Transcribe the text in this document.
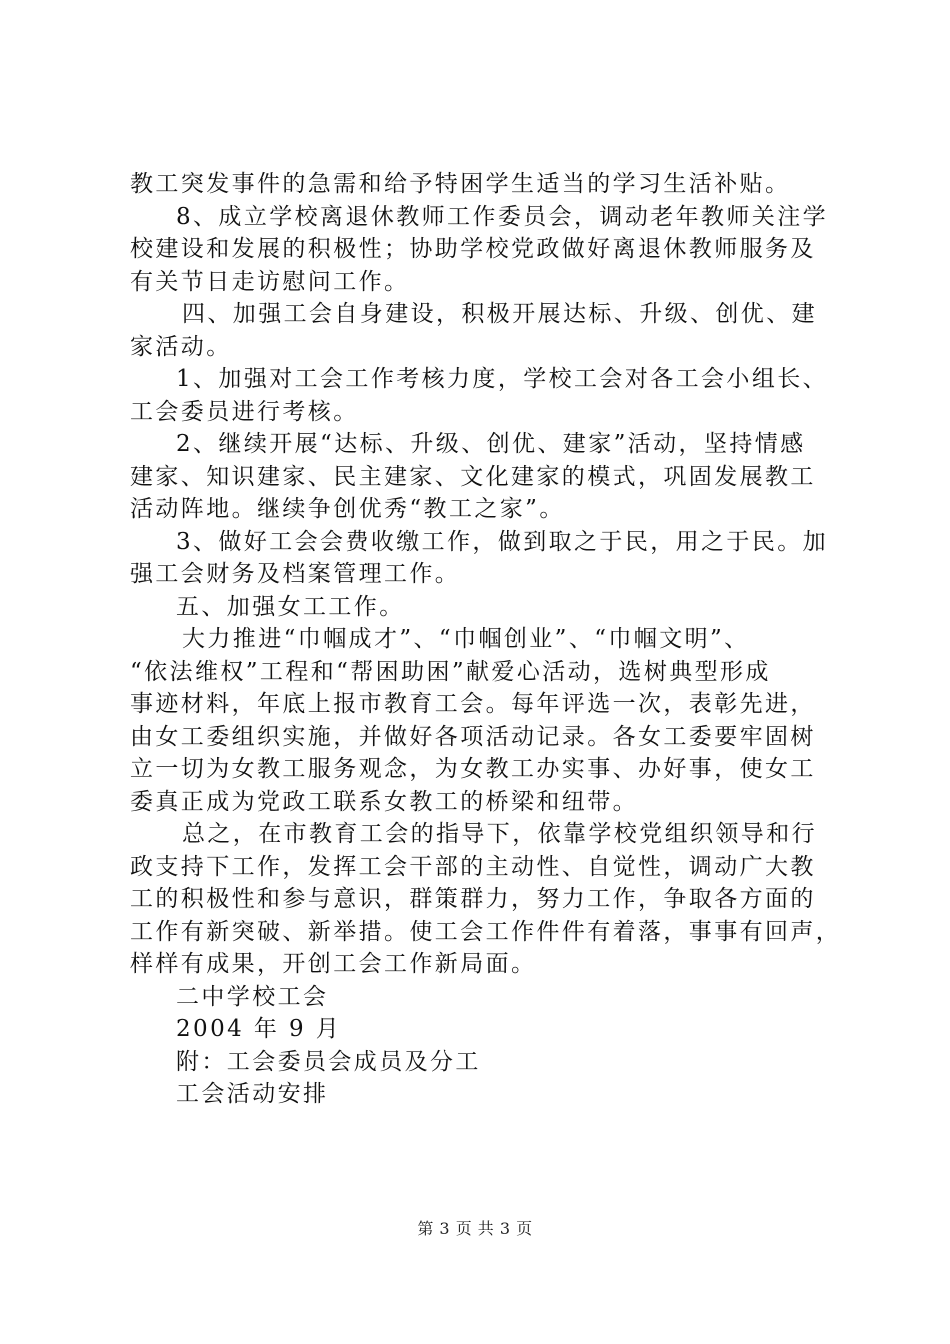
教工突发事件的急需和给予特困学生适当的学习生活补贴。
8、成立学校离退休教师工作委员会，调动老年教师关注学
校建设和发展的积极性；协助学校党政做好离退休教师服务及
有关节日走访慰问工作。
四、加强工会自身建设，积极开展达标、升级、创优、建
家活动。
1、加强对工会工作考核力度，学校工会对各工会小组长、
工会委员进行考核。
2、继续开展“达标、升级、创优、建家”活动，坚持情感
建家、知识建家、民主建家、文化建家的模式，巩固发展教工
活动阵地。继续争创优秀“教工之家”。
3、做好工会会费收缴工作，做到取之于民，用之于民。加
强工会财务及档案管理工作。
五、加强女工工作。
大力推进“巾帼成才”、“巾帼创业”、“巾帼文明”、
“依法维权”工程和“帮困助困”献爱心活动，选树典型形成
事迹材料，年底上报市教育工会。每年评选一次，表彰先进，
由女工委组织实施，并做好各项活动记录。各女工委要牢固树
立一切为女教工服务观念，为女教工办实事、办好事，使女工
委真正成为党政工联系女教工的桥梁和纽带。
总之，在市教育工会的指导下，依靠学校党组织领导和行
政支持下工作，发挥工会干部的主动性、自觉性，调动广大教
工的积极性和参与意识，群策群力，努力工作，争取各方面的
工作有新突破、新举措。使工会工作件件有着落，事事有回声，
样样有成果，开创工会工作新局面。
二中学校工会
2004 年 9 月
附：工会委员会成员及分工
工会活动安排
第 3 页 共 3 页
